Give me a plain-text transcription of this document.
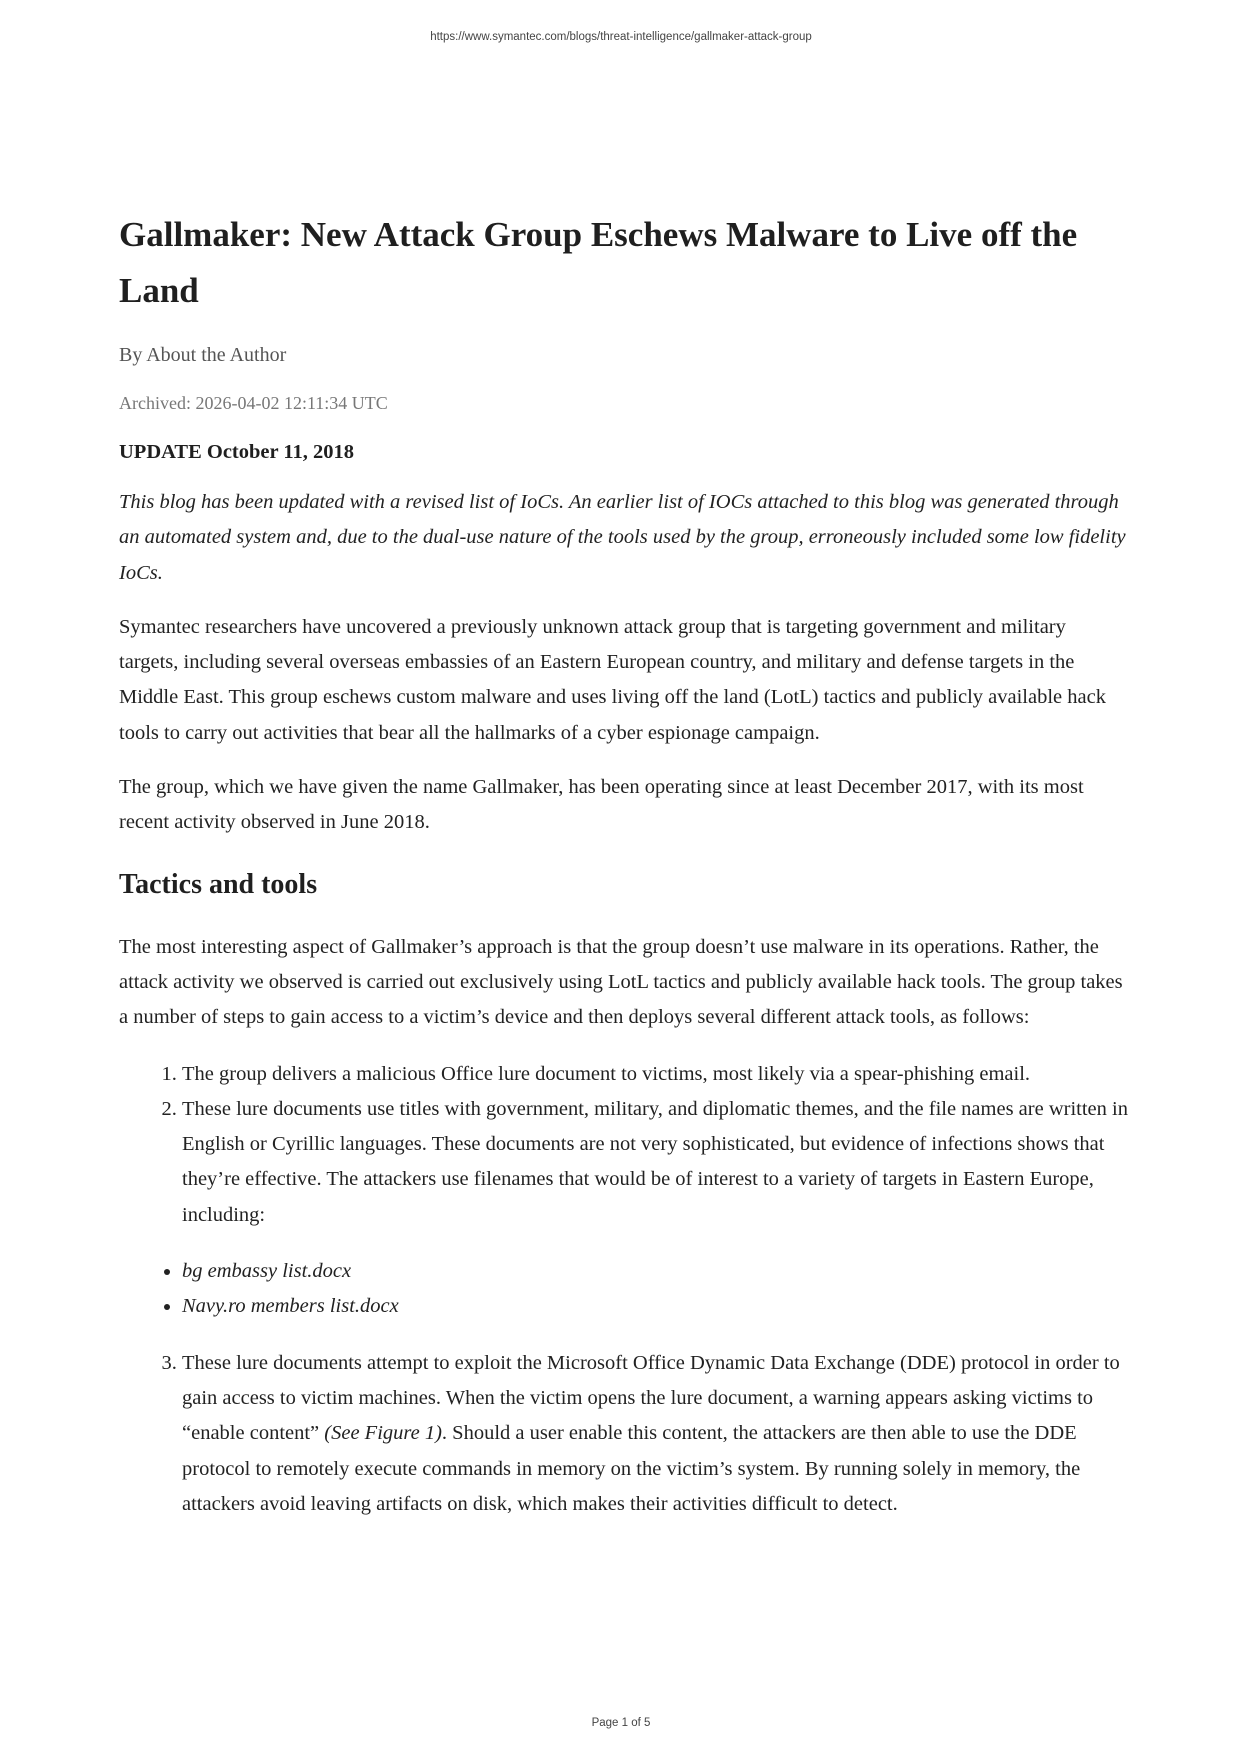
https://www.symantec.com/blogs/threat-intelligence/gallmaker-attack-group
Gallmaker: New Attack Group Eschews Malware to Live off the Land
By About the Author
Archived: 2026-04-02 12:11:34 UTC
UPDATE October 11, 2018

This blog has been updated with a revised list of IoCs. An earlier list of IOCs attached to this blog was generated through an automated system and, due to the dual-use nature of the tools used by the group, erroneously included some low fidelity IoCs.

Symantec researchers have uncovered a previously unknown attack group that is targeting government and military targets, including several overseas embassies of an Eastern European country, and military and defense targets in the Middle East. This group eschews custom malware and uses living off the land (LotL) tactics and publicly available hack tools to carry out activities that bear all the hallmarks of a cyber espionage campaign.

The group, which we have given the name Gallmaker, has been operating since at least December 2017, with its most recent activity observed in June 2018.

Tactics and tools

The most interesting aspect of Gallmaker’s approach is that the group doesn’t use malware in its operations. Rather, the attack activity we observed is carried out exclusively using LotL tactics and publicly available hack tools. The group takes a number of steps to gain access to a victim’s device and then deploys several different attack tools, as follows:

1. The group delivers a malicious Office lure document to victims, most likely via a spear-phishing email.
2. These lure documents use titles with government, military, and diplomatic themes, and the file names are written in English or Cyrillic languages. These documents are not very sophisticated, but evidence of infections shows that they’re effective. The attackers use filenames that would be of interest to a variety of targets in Eastern Europe, including:
• bg embassy list.docx
• Navy.ro members list.docx
3. These lure documents attempt to exploit the Microsoft Office Dynamic Data Exchange (DDE) protocol in order to gain access to victim machines. When the victim opens the lure document, a warning appears asking victims to “enable content” (See Figure 1). Should a user enable this content, the attackers are then able to use the DDE protocol to remotely execute commands in memory on the victim’s system. By running solely in memory, the attackers avoid leaving artifacts on disk, which makes their activities difficult to detect.
Page 1 of 5
